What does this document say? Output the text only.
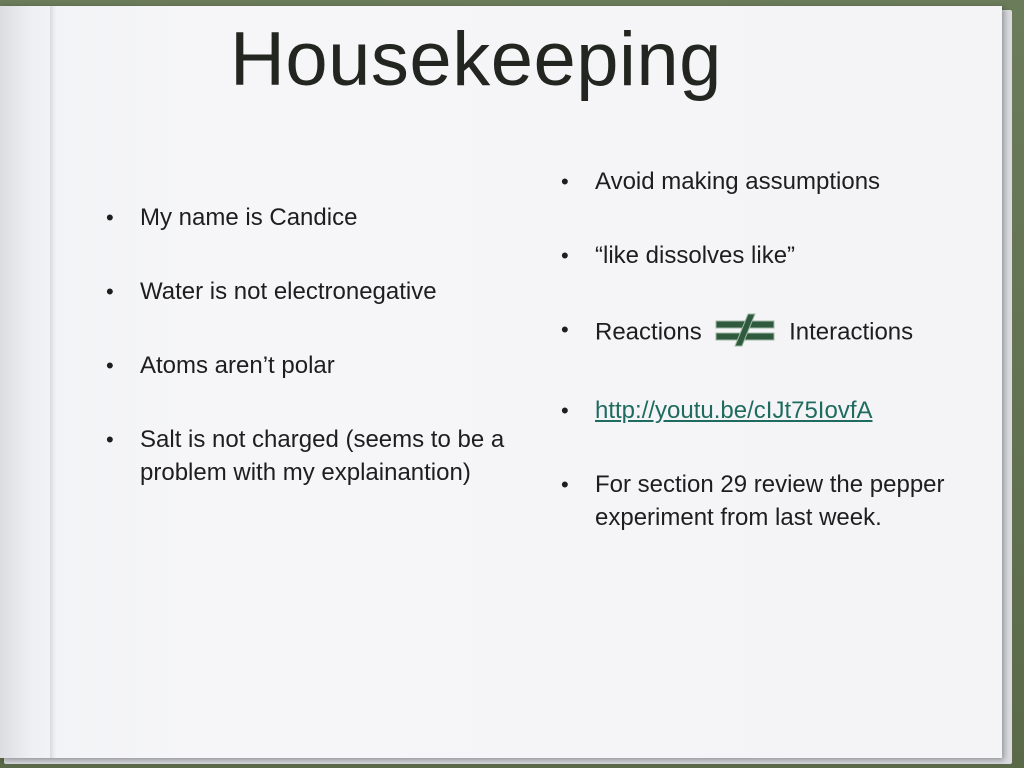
Housekeeping
• My name is Candice
• Water is not electronegative
• Atoms aren’t polar
• Salt is not charged (seems to be a problem with my explainantion)
• Avoid making assumptions
• “like dissolves like”
• Reactions	Interactions
• http://youtu.be/cIJt75IovfA
• For section 29 review the pepper experiment from last week.
